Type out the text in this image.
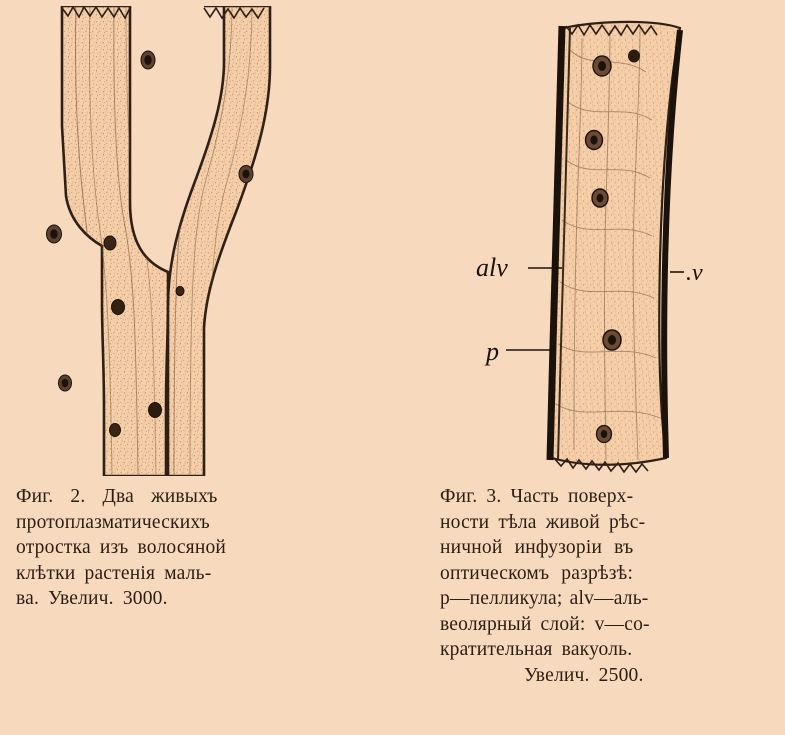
alv	.v
p
Фиг. 2. Два живыхъ
протоплазматическихъ
отростка изъ волосяной
клѣтки растенія маль-
ва. Увелич. 3000.
Фиг. 3. Часть поверх-
ности тѣла живой рѣс-
ничной инфузоріи въ
оптическомъ разрѣзѣ:
p—пелликула; alv—аль-
веолярный слой: v—со-
кратительная вакуоль.
Увелич. 2500.
